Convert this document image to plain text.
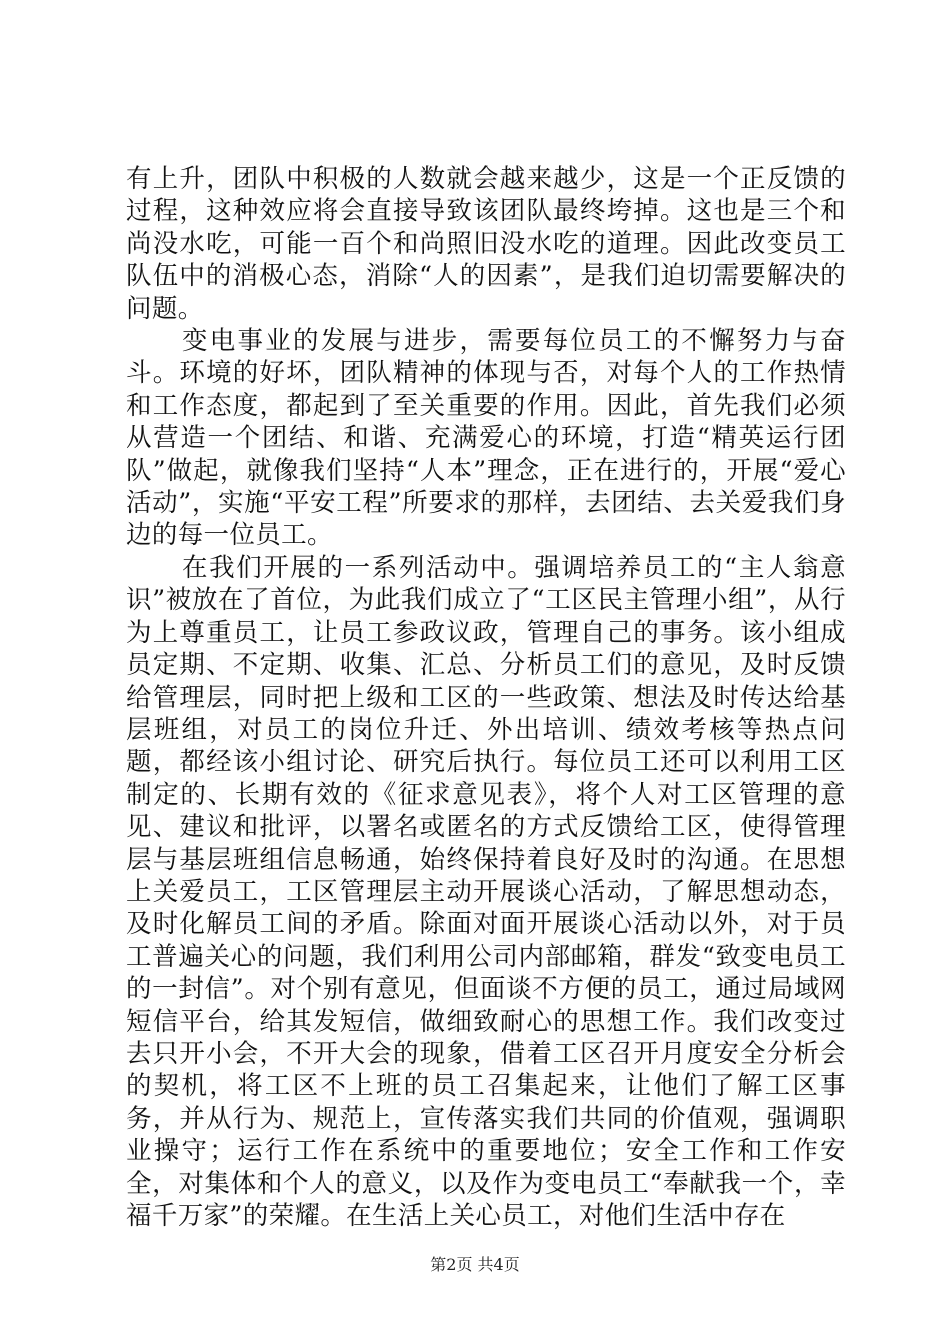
有上升，团队中积极的人数就会越来越少，这是一个正反馈的过程，这种效应将会直接导致该团队最终垮掉。这也是三个和尚没水吃，可能一百个和尚照旧没水吃的道理。因此改变员工队伍中的消极心态，消除“人的因素”，是我们迫切需要解决的问题。

变电事业的发展与进步，需要每位员工的不懈努力与奋斗。环境的好坏，团队精神的体现与否，对每个人的工作热情和工作态度，都起到了至关重要的作用。因此，首先我们必须从营造一个团结、和谐、充满爱心的环境，打造“精英运行团队”做起，就像我们坚持“人本”理念，正在进行的，开展“爱心活动”，实施“平安工程”所要求的那样，去团结、去关爱我们身边的每一位员工。

在我们开展的一系列活动中。强调培养员工的“主人翁意识”被放在了首位，为此我们成立了“工区民主管理小组”，从行为上尊重员工，让员工参政议政，管理自己的事务。该小组成员定期、不定期、收集、汇总、分析员工们的意见，及时反馈给管理层，同时把上级和工区的一些政策、想法及时传达给基层班组，对员工的岗位升迁、外出培训、绩效考核等热点问题，都经该小组讨论、研究后执行。每位员工还可以利用工区制定的、长期有效的《征求意见表》，将个人对工区管理的意见、建议和批评，以署名或匿名的方式反馈给工区，使得管理层与基层班组信息畅通，始终保持着良好及时的沟通。在思想上关爱员工，工区管理层主动开展谈心活动，了解思想动态，及时化解员工间的矛盾。除面对面开展谈心活动以外，对于员工普遍关心的问题，我们利用公司内部邮箱，群发“致变电员工的一封信”。对个别有意见，但面谈不方便的员工，通过局域网短信平台，给其发短信，做细致耐心的思想工作。我们改变过去只开小会，不开大会的现象，借着工区召开月度安全分析会的契机，将工区不上班的员工召集起来，让他们了解工区事务，并从行为、规范上，宣传落实我们共同的价值观，强调职业操守；运行工作在系统中的重要地位；安全工作和工作安全，对集体和个人的意义，以及作为变电员工“奉献我一个，幸福千万家”的荣耀。在生活上关心员工，对他们生活中存在

第2页 共4页
